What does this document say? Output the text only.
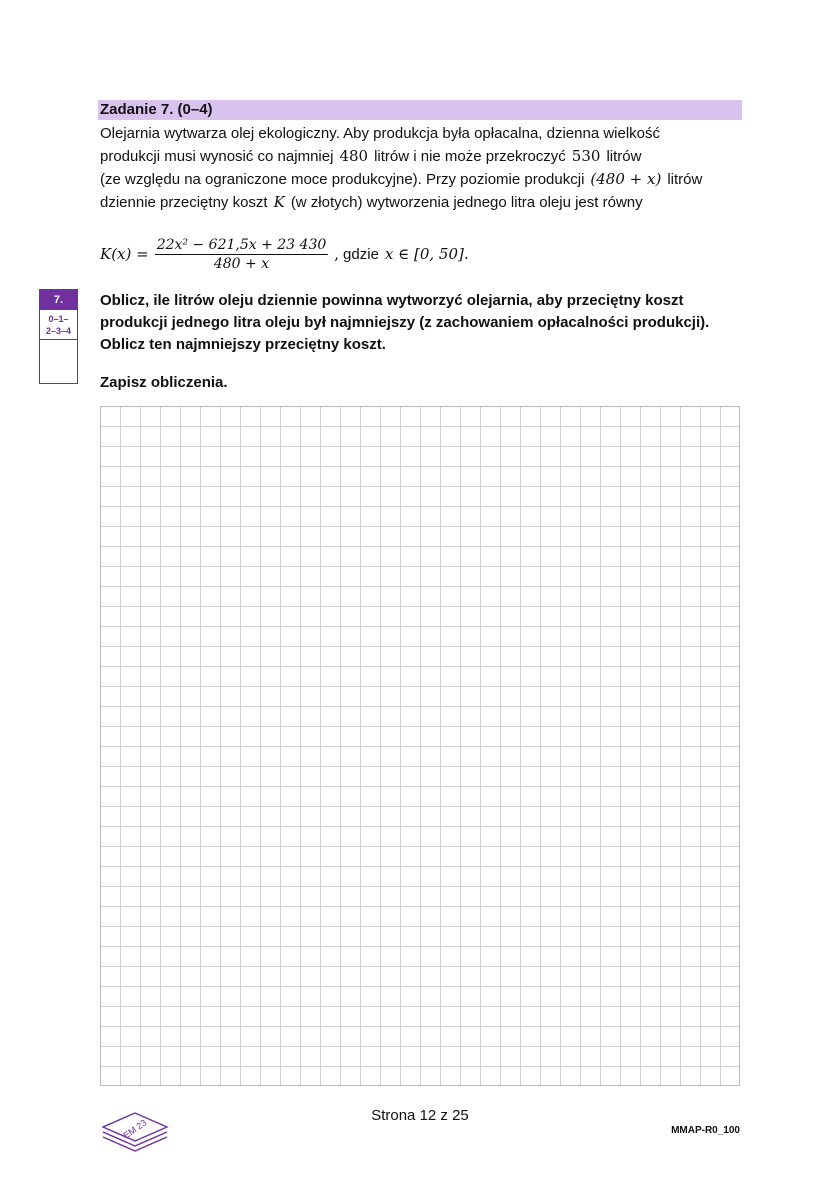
Zadanie 7. (0–4)

Olejarnia wytwarza olej ekologiczny. Aby produkcja była opłacalna, dzienna wielkość

produkcji musi wynosić co najmniej 480 litrów i nie może przekroczyć 530 litrów

(ze względu na ograniczone moce produkcyjne). Przy poziomie produkcji (480 + x) litrów

dziennie przeciętny koszt K (w złotych) wytworzenia jednego litra oleju jest równy

$K(x) = \frac{\text{22x² − 621,5x + 23 430}}{480 + x}$ , gdzie x ∈ [0, 50].
7.
0–1–
2–3–4

Oblicz, ile litrów oleju dziennie powinna wytworzyć olejarnia, aby przeciętny koszt

produkcji jednego litra oleju był najmniejszy (z zachowaniem opłacalności produkcji).

Oblicz ten najmniejszy przeciętny koszt.

Zapisz obliczenia.
EM 23
Strona 12 z 25
MMAP-R0_100
